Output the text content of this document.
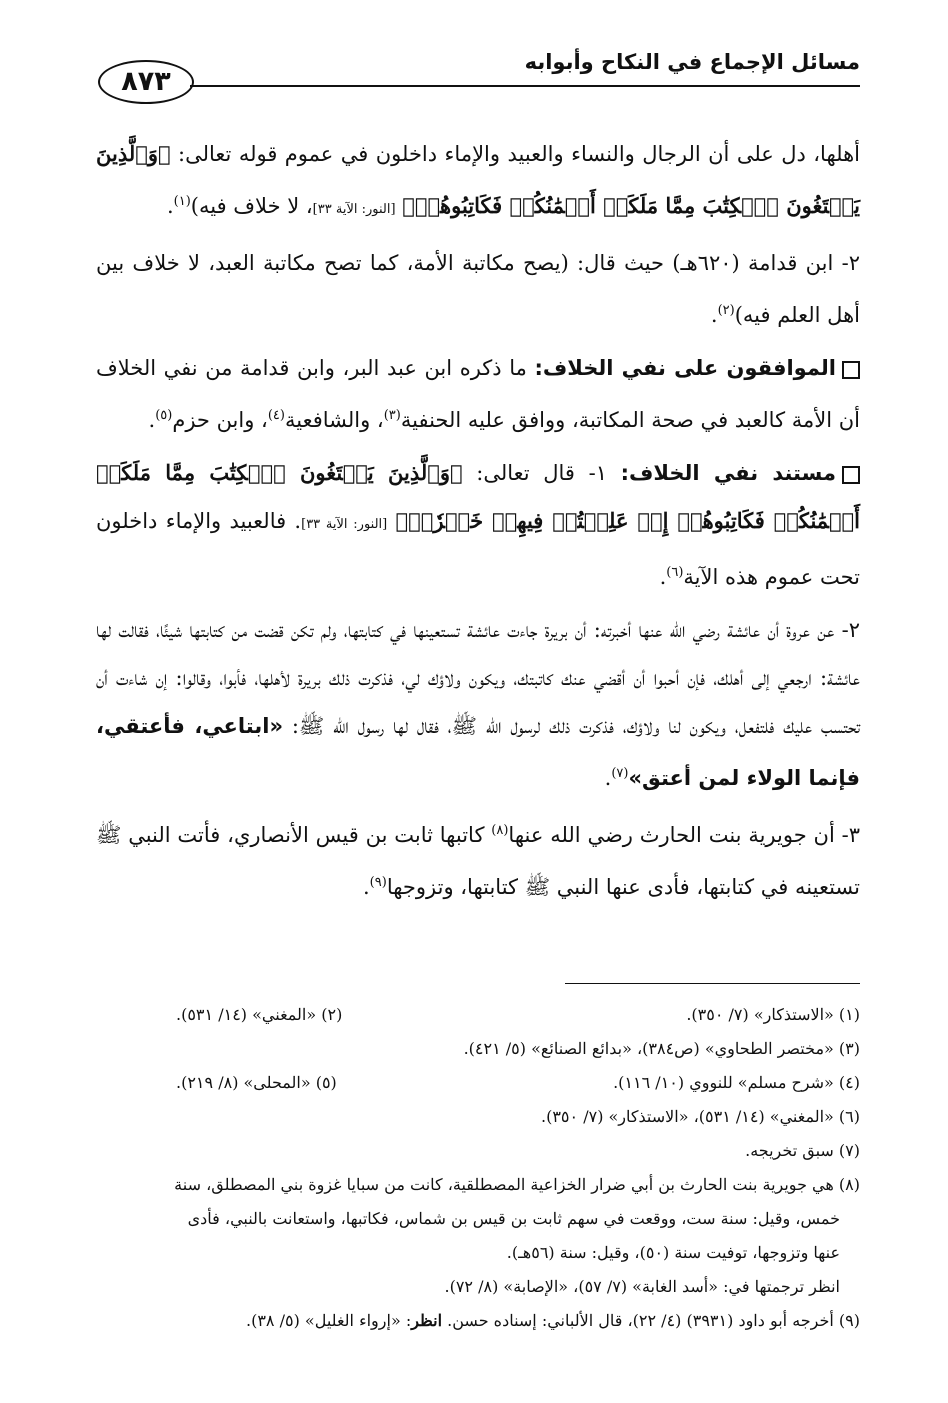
مسائل الإجماع في النكاح وأبوابه
٨٧٣

أهلها، دل على أن الرجال والنساء والعبيد والإماء داخلون في عموم قوله تعالى: ﴿وَٱلَّذِينَ يَبۡتَغُونَ ٱلۡكِتَٰبَ مِمَّا مَلَكَتۡ أَيۡمَٰنُكُمۡ فَكَاتِبُوهُمۡ﴾ [النور: الآية ٣٣]، لا خلاف فيه)$^{(١)}$.

٢- ابن قدامة (٦٢٠هـ) حيث قال: (يصح مكاتبة الأمة، كما تصح مكاتبة العبد، لا خلاف بين أهل العلم فيه)$^{(٢)}$.

الموافقون على نفي الخلاف: ما ذكره ابن عبد البر، وابن قدامة من نفي الخلاف أن الأمة كالعبد في صحة المكاتبة، ووافق عليه الحنفية$^{(٣)}$، والشافعية$^{(٤)}$، وابن حزم$^{(٥)}$.

مستند نفي الخلاف: ١- قال تعالى: ﴿وَٱلَّذِينَ يَبۡتَغُونَ ٱلۡكِتَٰبَ مِمَّا مَلَكَتۡ أَيۡمَٰنُكُمۡ فَكَاتِبُوهُمۡ إِنۡ عَلِمۡتُمۡ فِيهِمۡ خَيۡرٗاۖ﴾ [النور: الآية ٣٣]. فالعبيد والإماء داخلون تحت عموم هذه الآية$^{(٦)}$.

٢- عن عروة أن عائشة رضي الله عنها أخبرته: أن بريرة جاءت عائشة تستعينها في كتابتها، ولم تكن قضت من كتابتها شيئًا، فقالت لها عائشة: ارجعي إلى أهلك، فإن أحبوا أن أقضي عنك كاتبتك، ويكون ولاؤك لي، فذكرت ذلك بريرة لأهلها، فأبوا، وقالوا: إن شاءت أن تحتسب عليك فلتفعل، ويكون لنا ولاؤك، فذكرت ذلك لرسول الله ﷺ، فقال لها رسول الله ﷺ: «ابتاعي، فأعتقي، فإنما الولاء لمن أعتق»$^{(٧)}$.

٣- أن جويرية بنت الحارث رضي الله عنها$^{(٨)}$ كاتبها ثابت بن قيس الأنصاري، فأتت النبي ﷺ تستعينه في كتابتها، فأدى عنها النبي ﷺ كتابتها، وتزوجها$^{(٩)}$.

(١) «الاستذكار» (٧/ ٣٥٠).
(٢) «المغني» (١٤/ ٥٣١).
(٣) «مختصر الطحاوي» (ص٣٨٤)، «بدائع الصنائع» (٥/ ٤٢١).
(٤) «شرح مسلم» للنووي (١٠/ ١١٦).
(٥) «المحلى» (٨/ ٢١٩).
(٦) «المغني» (١٤/ ٥٣١)، «الاستذكار» (٧/ ٣٥٠).
(٧) سبق تخريجه.
(٨) هي جويرية بنت الحارث بن أبي ضرار الخزاعية المصطلقية، كانت من سبايا غزوة بني المصطلق، سنة
خمس، وقيل: سنة ست، ووقعت في سهم ثابت بن قيس بن شماس، فكاتبها، واستعانت بالنبي، فأدى
عنها وتزوجها، توفيت سنة (٥٠)، وقيل: سنة (٥٦هـ).
انظر ترجمتها في: «أسد الغابة» (٧/ ٥٧)، «الإصابة» (٨/ ٧٢).
(٩) أخرجه أبو داود (٣٩٣١) (٤/ ٢٢)، قال الألباني: إسناده حسن. انظر: «إرواء الغليل» (٥/ ٣٨).
